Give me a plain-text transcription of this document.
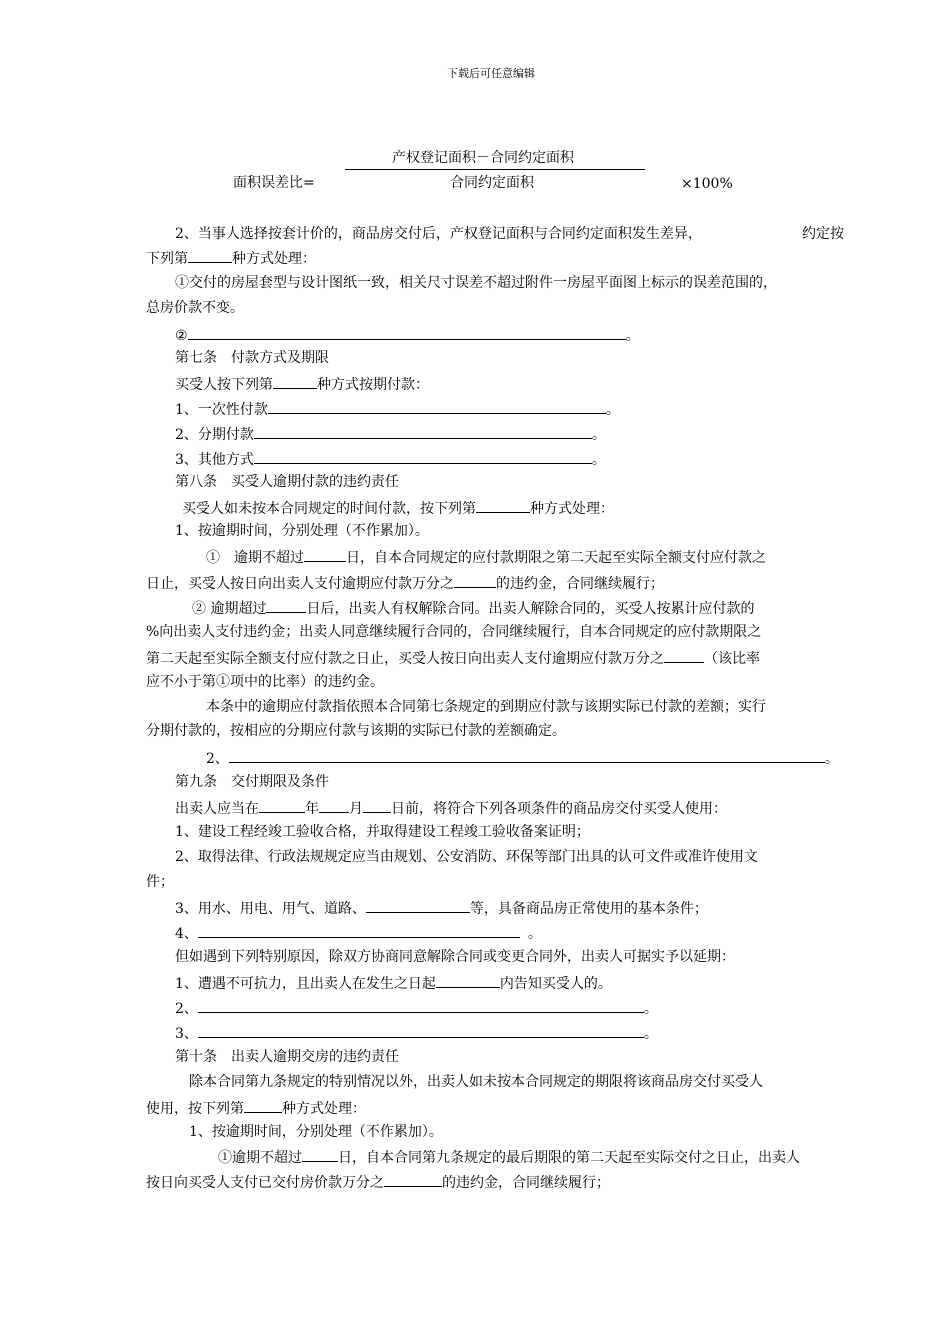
下载后可任意编辑
产权登记面积－合同约定面积
面积误差比=	合同约定面积	×100%
2、当事人选择按套计价的，商品房交付后，产权登记面积与合同约定面积发生差异，	约定按
下列第	种方式处理：
①交付的房屋套型与设计图纸一致，相关尺寸误差不超过附件一房屋平面图上标示的误差范围的，
总房价款不变。
②	。
第七条　付款方式及期限
买受人按下列第	种方式按期付款：
1、一次性付款	。
2、分期付款	。
3、其他方式	。
第八条　买受人逾期付款的违约责任
买受人如未按本合同规定的时间付款，按下列第	种方式处理：
1、按逾期时间，分别处理（不作累加）。
①　逾期不超过	日，自本合同规定的应付款期限之第二天起至实际全额支付应付款之
日止，买受人按日向出卖人支付逾期应付款万分之	的违约金，合同继续履行；
② 逾期超过	日后，出卖人有权解除合同。出卖人解除合同的，买受人按累计应付款的
%向出卖人支付违约金；出卖人同意继续履行合同的，合同继续履行，自本合同规定的应付款期限之
第二天起至实际全额支付应付款之日止，买受人按日向出卖人支付逾期应付款万分之	（该比率
应不小于第①项中的比率）的违约金。
本条中的逾期应付款指依照本合同第七条规定的到期应付款与该期实际已付款的差额；实行
分期付款的，按相应的分期应付款与该期的实际已付款的差额确定。
2、	。
第九条　交付期限及条件
出卖人应当在	年 月 日前，将符合下列各项条件的商品房交付买受人使用：
1、建设工程经竣工验收合格，并取得建设工程竣工验收备案证明；
2、取得法律、行政法规规定应当由规划、公安消防、环保等部门出具的认可文件或准许使用文
件；
3、用水、用电、用气、道路、	等，具备商品房正常使用的基本条件；
4、	。
但如遇到下列特别原因，除双方协商同意解除合同或变更合同外，出卖人可据实予以延期：
1、遭遇不可抗力，且出卖人在发生之日起	内告知买受人的。
2、	。
3、	。
第十条　出卖人逾期交房的违约责任
除本合同第九条规定的特别情况以外，出卖人如未按本合同规定的期限将该商品房交付买受人
使用，按下列第	种方式处理：
1、按逾期时间，分别处理（不作累加）。
①逾期不超过	日，自本合同第九条规定的最后期限的第二天起至实际交付之日止，出卖人
按日向买受人支付已交付房价款万分之	的违约金，合同继续履行；
